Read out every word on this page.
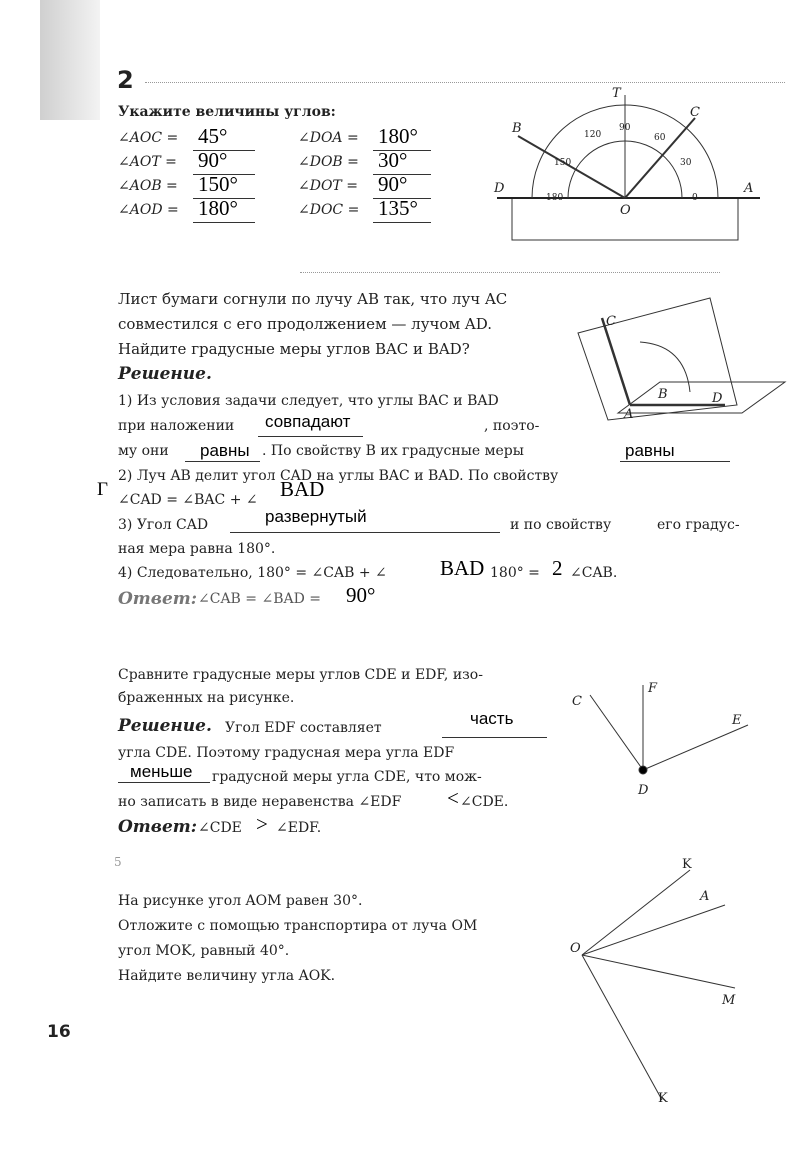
2
Укажите величины углов:
∠AOC = 45°
∠AOT = 90°
∠AOB = 150°
∠AOD = 180°
∠DOA = 180°
∠DOB = 30°
∠DOT = 90°
∠DOC = 135°
T
B
C
D	A
O
180
150
120
90
60
30
0
C
B	D
A
C
F
E
D
K
A
O
M
K
Лист бумаги согнули по лучу AB так, что луч AC
совместился с его продолжением — лучом AD.
Найдите градусные меры углов BAC и BAD?
Решение.
1) Из условия задачи следует, что углы BAC и BAD
при наложении совпадают	, поэто-
му они равны . По свойству В их градусные меры	равны
Г
2) Луч AB делит угол CAD на углы BAC и BAD. По свойству
∠CAD = ∠BAC + ∠ BAD
3) Угол CAD	развернутый	и по свойству	его градус-
ная мера равна 180°.
4) Следовательно, 180° = ∠CAB + ∠	BAD 180° = 2 ∠CAB.
Ответ: ∠CAB = ∠BAD = 90°
Сравните градусные меры углов CDE и EDF, изо-
браженных на рисунке.
Решение. Угол EDF составляет	часть
угла CDE. Поэтому градусная мера угла EDF
меньше градусной меры угла CDE, что мож-
но записать в виде неравенства ∠EDF < ∠CDE.
Ответ: ∠CDE > ∠EDF.
5
На рисунке угол AOM равен 30°.
Отложите с помощью транспортира от луча OM
угол MOK, равный 40°.
Найдите величину угла AOK.
16
